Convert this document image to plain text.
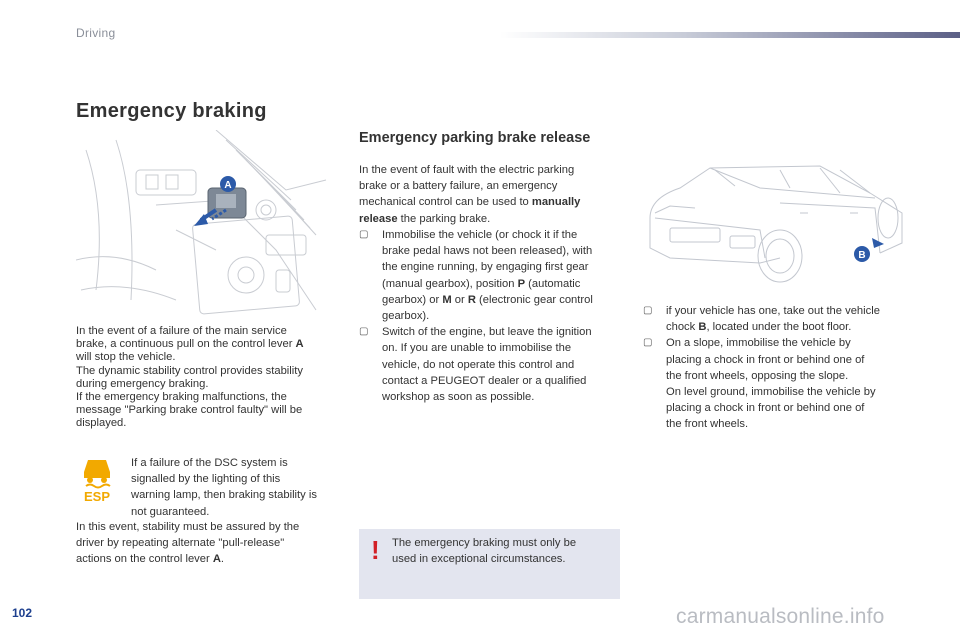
Driving
Emergency braking
A
In the event of a failure of the main service
brake, a continuous pull on the control lever A
will stop the vehicle.
The dynamic stability control provides stability
during emergency braking.
If the emergency braking malfunctions, the
message "Parking brake control faulty" will be
displayed.
ESP
If a failure of the DSC system is
signalled by the lighting of this
warning lamp, then braking stability is
not guaranteed.
In this event, stability must be assured by the
driver by repeating alternate "pull-release"
actions on the control lever A.
Emergency parking brake release
In the event of fault with the electric parking
brake or a battery failure, an emergency
mechanical control can be used to manually
release the parking brake.
▢ Immobilise the vehicle (or chock it if the
brake pedal haws not been released), with
the engine running, by engaging first gear
(manual gearbox), position P (automatic
gearbox) or M or R (electronic gear control
gearbox).
▢ Switch of the engine, but leave the ignition
on. If you are unable to immobilise the
vehicle, do not operate this control and
contact a PEUGEOT dealer or a qualified
workshop as soon as possible.
! The emergency braking must only be
used in exceptional circumstances.
B
▢ if your vehicle has one, take out the vehicle
chock B, located under the boot floor.
▢ On a slope, immobilise the vehicle by
placing a chock in front or behind one of
the front wheels, opposing the slope.
On level ground, immobilise the vehicle by
placing a chock in front or behind one of
the front wheels.
102	carmanualsonline.info
